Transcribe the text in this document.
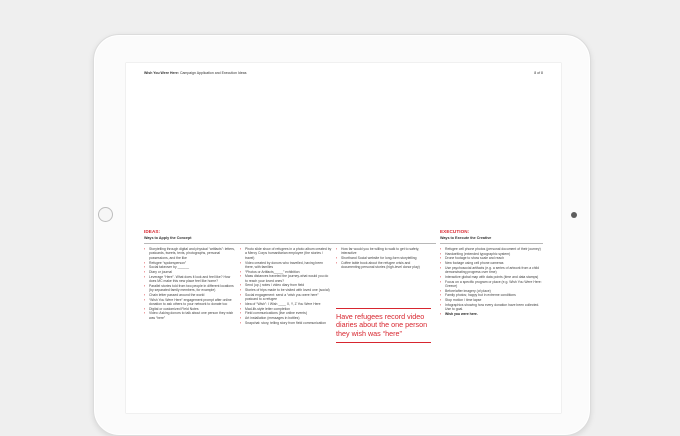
Wish You Were Here: Campaign Application and Execution Ideas	8 of 8
IDEAS:
Ways to Apply the Concept
EXECUTION:
Ways to Execute the Creative
› Storytelling through digital and physical “artifacts”: letters, postcards, tweets, texts, photographs, personal possessions, and the like
› Refugee “spokesperson”
› Social takeover by ______
› Diary or journal
› Leverage “Here”. What does it look and feel like? How does MC make this new place feel like home?
› Parallel stories told from two people in different locations (by separated family members, for example)
› Chain letter passed around the world
› “Wish You Were Here” engagement prompt after online donation to ask others to your network to donate too
› Digital or customized Field Notes
› Video: Asking donors to talk about one person they wish was “here”
› Photo slide show of refugees in a photo album created by a Mercy Corps humanitarian employee (the stories / travel)
› Video created by donors who travelled, having been there, with families
› “Photos or Artifacts_____” exhibition
› Mass distances traveled the journey-what would you do to reach your loved ones?
› Send (up.) notes / video diary from field
› Stories of trips made to be visited with loved one (social)
› Social engagement: send a “wish you were here” postcard to a refugee
› Idea of “Wish”: I Wish ____ X, Y, Z You Were Here
› Mad-lib-style letter completion
› Field communications (live online events)
› Art installation (messages in bottles)
› Snapchat: story, telling story from field communication
› How far would you be willing to walk to get to safety, interactive
› Shorthand Social website for long-form storytelling
› Coffee table book about the refugee crisis and documenting personal stories (high-level donor play)
Have refugees record video diaries about the one person they wish was “here”
› Refugee cell phone photos (personal document of their journey)
› Handwriting (extended typographic system)
› Drone footage to show scale and reach
› New footage using cell phone cameras
› Use psychosocial artifacts (e.g. a series of artwork from a child demonstrating progress over time)
› Interactive global map with data points (time and data stamps)
› Focus on a specific program or place (e.g. Wish You Were Here: Greece)
› Before/after imagery (of place)
› Family photos; happy but in extreme conditions
› Stop motion / time lapse
› Infographics showing how every donation have been collected. Use to goal.
› Wish you were here.
